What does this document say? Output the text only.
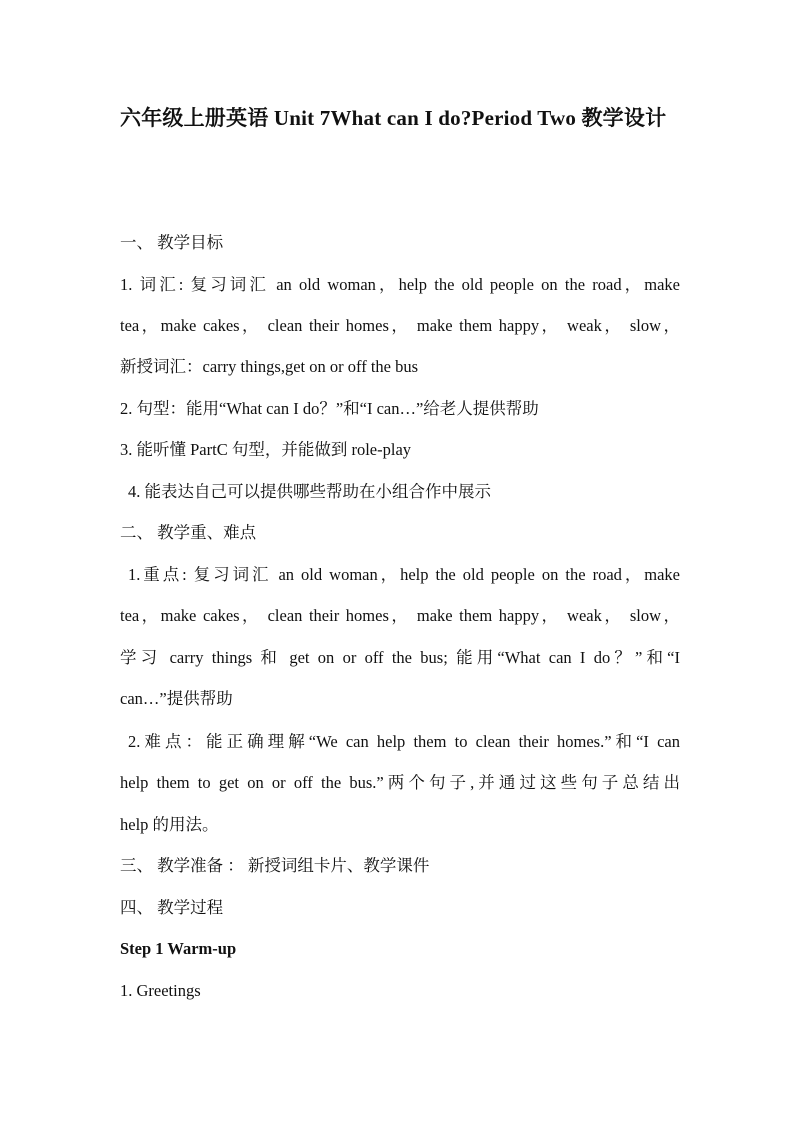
六年级上册英语 Unit 7What can I do?Period Two 教学设计
一、 教学目标
1. 词汇: 复习词汇 an old woman，help the old people on the road，make
tea，make cakes， clean their homes， make them happy， weak， slow，
新授词汇：carry things,get on or off the bus
2. 句型：能用“What can I do？”和“I can…”给老人提供帮助
3. 能听懂 PartC 句型，并能做到 role-play
4. 能表达自己可以提供哪些帮助在小组合作中展示
二、 教学重、难点
1.重点: 复习词汇 an old woman，help the old people on the road，make
tea，make cakes， clean their homes， make them happy， weak， slow，
学习 carry things 和 get on or off the bus; 能用“What can I do？”和“I
can…”提供帮助
2.难点：能正确理解“We can help them to clean their homes.”和“I can
help them to get on or off the bus.”两个句子,并通过这些句子总结出
help 的用法。
三、 教学准备 ： 新授词组卡片、教学课件
四、 教学过程
Step 1 Warm-up
1. Greetings
